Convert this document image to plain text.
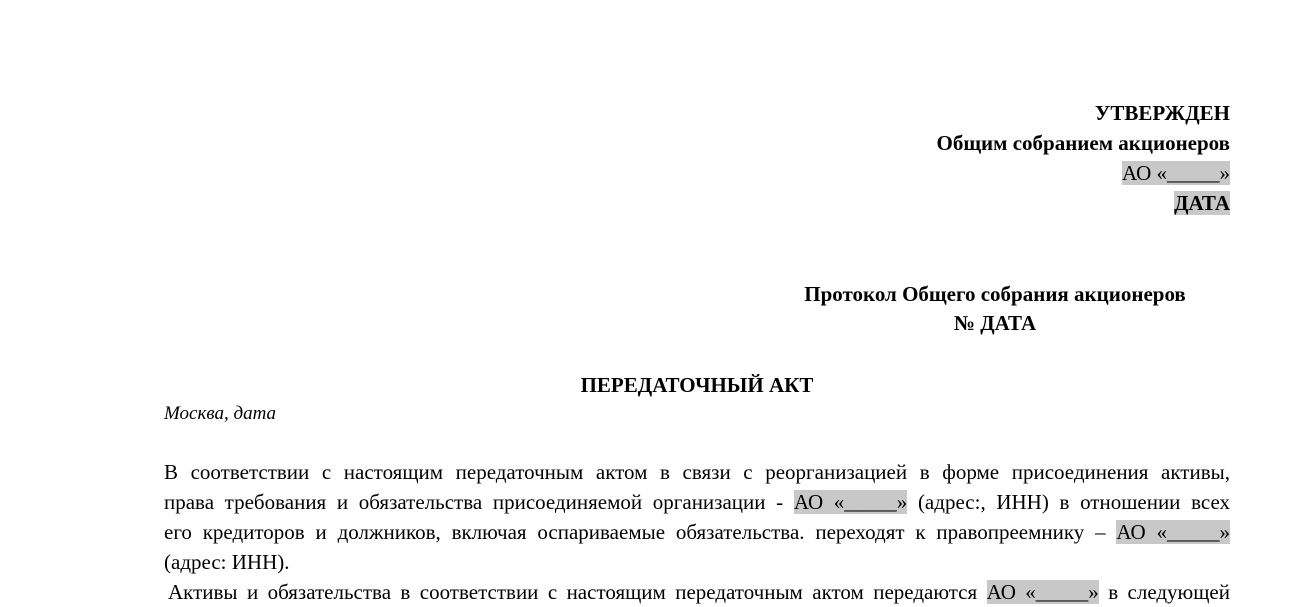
УТВЕРЖДЕН
Общим собранием акционеров
АО «_____»
ДАТА
Протокол Общего собрания акционеров
№ ДАТА
ПЕРЕДАТОЧНЫЙ АКТ
Москва, дата
В соответствии с настоящим передаточным актом в связи с реорганизацией в форме присоединения активы,
права требования и обязательства присоединяемой организации - АО «_____» (адрес:, ИНН) в отношении всех
его кредиторов и должников, включая оспариваемые обязательства. переходят к правопреемнику – АО «_____»
(адрес: ИНН).
Активы и обязательства в соответствии с настоящим передаточным актом передаются АО «_____» в следующей
